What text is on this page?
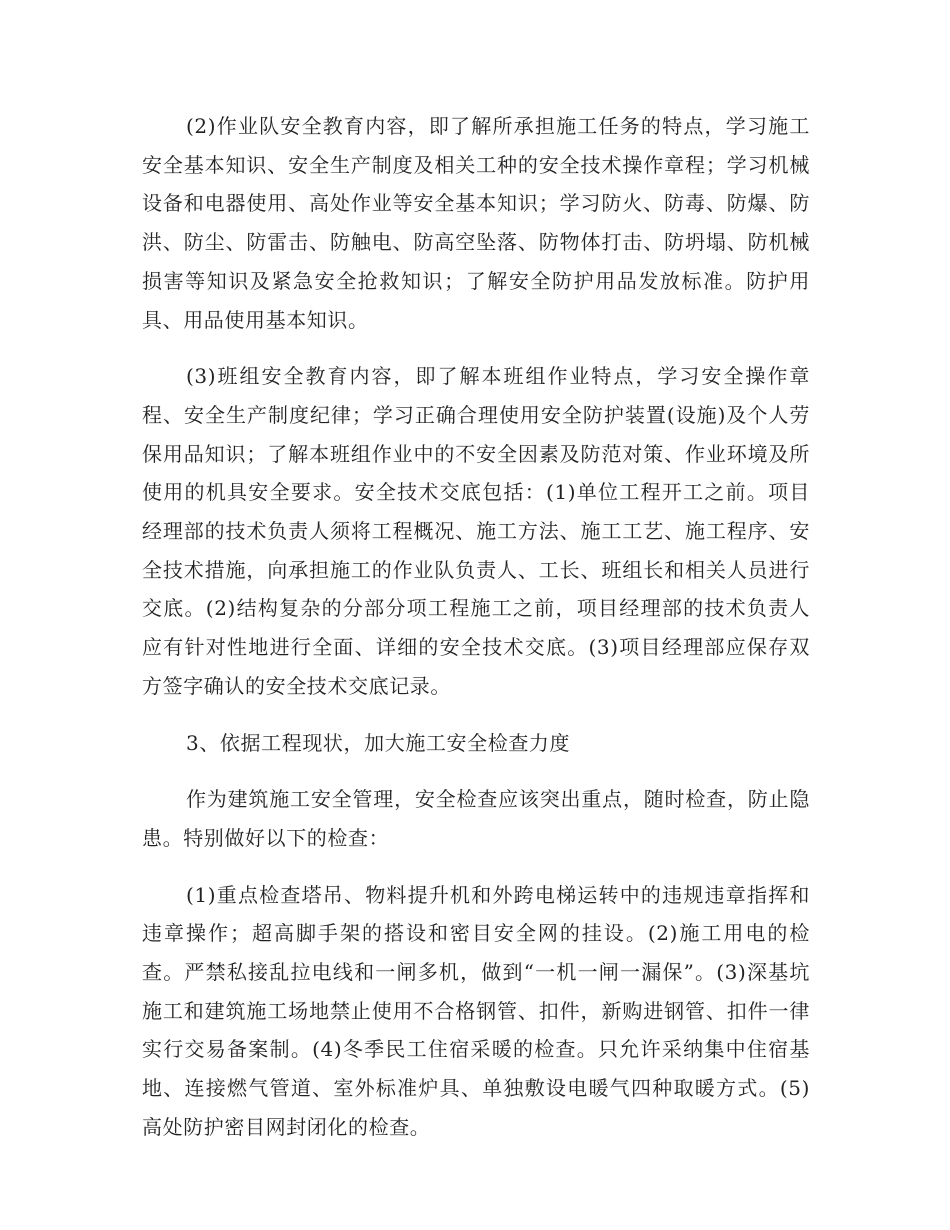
(2)作业队安全教育内容，即了解所承担施工任务的特点，学习施工安全基本知识、安全生产制度及相关工种的安全技术操作章程；学习机械设备和电器使用、高处作业等安全基本知识；学习防火、防毒、防爆、防洪、防尘、防雷击、防触电、防高空坠落、防物体打击、防坍塌、防机械损害等知识及紧急安全抢救知识；了解安全防护用品发放标准。防护用具、用品使用基本知识。

(3)班组安全教育内容，即了解本班组作业特点，学习安全操作章程、安全生产制度纪律；学习正确合理使用安全防护装置(设施)及个人劳保用品知识；了解本班组作业中的不安全因素及防范对策、作业环境及所使用的机具安全要求。安全技术交底包括：(1)单位工程开工之前。项目经理部的技术负责人须将工程概况、施工方法、施工工艺、施工程序、安全技术措施，向承担施工的作业队负责人、工长、班组长和相关人员进行交底。(2)结构复杂的分部分项工程施工之前，项目经理部的技术负责人应有针对性地进行全面、详细的安全技术交底。(3)项目经理部应保存双方签字确认的安全技术交底记录。

3、依据工程现状，加大施工安全检查力度

作为建筑施工安全管理，安全检查应该突出重点，随时检查，防止隐患。特别做好以下的检查：

(1)重点检查塔吊、物料提升机和外跨电梯运转中的违规违章指挥和违章操作；超高脚手架的搭设和密目安全网的挂设。(2)施工用电的检查。严禁私接乱拉电线和一闸多机，做到“一机一闸一漏保”。(3)深基坑施工和建筑施工场地禁止使用不合格钢管、扣件，新购进钢管、扣件一律实行交易备案制。(4)冬季民工住宿采暖的检查。只允许采纳集中住宿基地、连接燃气管道、室外标准炉具、单独敷设电暖气四种取暖方式。(5)高处防护密目网封闭化的检查。
